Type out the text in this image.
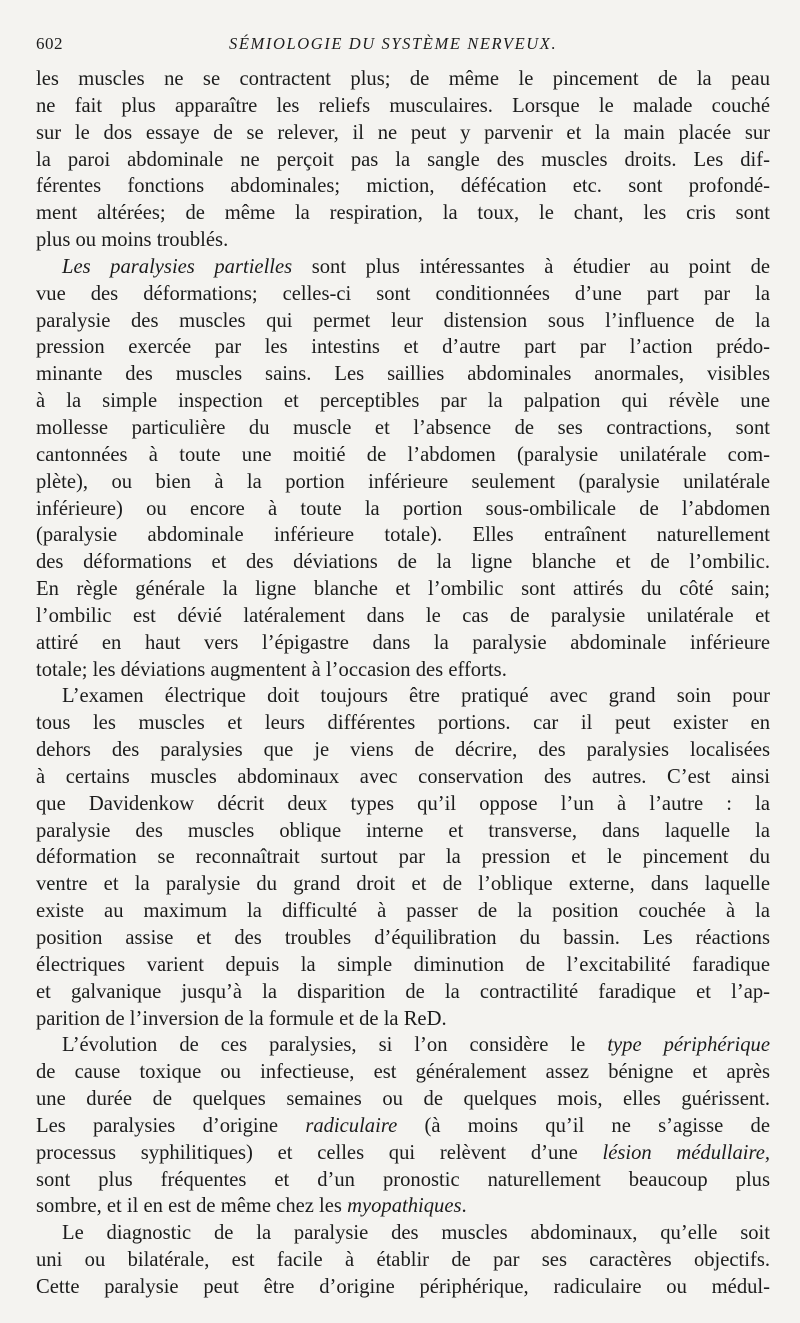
602	SÉMIOLOGIE DU SYSTÈME NERVEUX.
les muscles ne se contractent plus; de même le pincement de la peau
ne fait plus apparaître les reliefs musculaires. Lorsque le malade couché
sur le dos essaye de se relever, il ne peut y parvenir et la main placée sur
la paroi abdominale ne perçoit pas la sangle des muscles droits. Les dif-
férentes fonctions abdominales; miction, défécation etc. sont profondé-
ment altérées; de même la respiration, la toux, le chant, les cris sont
plus ou moins troublés.
Les paralysies partielles sont plus intéressantes à étudier au point de
vue des déformations; celles-ci sont conditionnées d’une part par la
paralysie des muscles qui permet leur distension sous l’influence de la
pression exercée par les intestins et d’autre part par l’action prédo-
minante des muscles sains. Les saillies abdominales anormales, visibles
à la simple inspection et perceptibles par la palpation qui révèle une
mollesse particulière du muscle et l’absence de ses contractions, sont
cantonnées à toute une moitié de l’abdomen (paralysie unilatérale com-
plète), ou bien à la portion inférieure seulement (paralysie unilatérale
inférieure) ou encore à toute la portion sous-ombilicale de l’abdomen
(paralysie abdominale inférieure totale). Elles entraînent naturellement
des déformations et des déviations de la ligne blanche et de l’ombilic.
En règle générale la ligne blanche et l’ombilic sont attirés du côté sain;
l’ombilic est dévié latéralement dans le cas de paralysie unilatérale et
attiré en haut vers l’épigastre dans la paralysie abdominale inférieure
totale; les déviations augmentent à l’occasion des efforts.
L’examen électrique doit toujours être pratiqué avec grand soin pour
tous les muscles et leurs différentes portions. car il peut exister en
dehors des paralysies que je viens de décrire, des paralysies localisées
à certains muscles abdominaux avec conservation des autres. C’est ainsi
que Davidenkow décrit deux types qu’il oppose l’un à l’autre : la
paralysie des muscles oblique interne et transverse, dans laquelle la
déformation se reconnaîtrait surtout par la pression et le pincement du
ventre et la paralysie du grand droit et de l’oblique externe, dans laquelle
existe au maximum la difficulté à passer de la position couchée à la
position assise et des troubles d’équilibration du bassin. Les réactions
électriques varient depuis la simple diminution de l’excitabilité faradique
et galvanique jusqu’à la disparition de la contractilité faradique et l’ap-
parition de l’inversion de la formule et de la ReD.
L’évolution de ces paralysies, si l’on considère le type périphérique
de cause toxique ou infectieuse, est généralement assez bénigne et après
une durée de quelques semaines ou de quelques mois, elles guérissent.
Les paralysies d’origine radiculaire (à moins qu’il ne s’agisse de
processus syphilitiques) et celles qui relèvent d’une lésion médullaire,
sont plus fréquentes et d’un pronostic naturellement beaucoup plus
sombre, et il en est de même chez les myopathiques.
Le diagnostic de la paralysie des muscles abdominaux, qu’elle soit
uni ou bilatérale, est facile à établir de par ses caractères objectifs.
Cette paralysie peut être d’origine périphérique, radiculaire ou médul-
